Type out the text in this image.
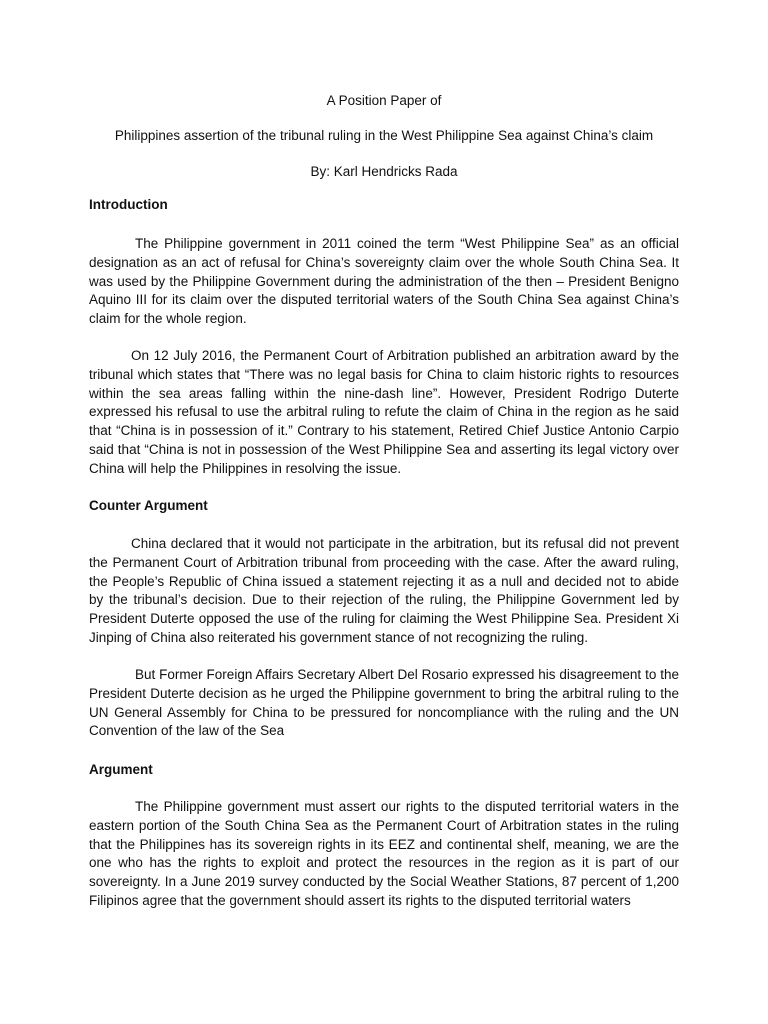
A Position Paper of

Philippines assertion of the tribunal ruling in the West Philippine Sea against China’s claim

By: Karl Hendricks Rada

Introduction

The Philippine government in 2011 coined the term “West Philippine Sea” as an official designation as an act of refusal for China’s sovereignty claim over the whole South China Sea. It was used by the Philippine Government during the administration of the then – President Benigno Aquino III for its claim over the disputed territorial waters of the South China Sea against China’s claim for the whole region.

On 12 July 2016, the Permanent Court of Arbitration published an arbitration award by the tribunal which states that “There was no legal basis for China to claim historic rights to resources within the sea areas falling within the nine-dash line”. However, President Rodrigo Duterte expressed his refusal to use the arbitral ruling to refute the claim of China in the region as he said that “China is in possession of it.” Contrary to his statement, Retired Chief Justice Antonio Carpio said that “China is not in possession of the West Philippine Sea and asserting its legal victory over China will help the Philippines in resolving the issue.

Counter Argument

China declared that it would not participate in the arbitration, but its refusal did not prevent the Permanent Court of Arbitration tribunal from proceeding with the case. After the award ruling, the People’s Republic of China issued a statement rejecting it as a null and decided not to abide by the tribunal’s decision. Due to their rejection of the ruling, the Philippine Government led by President Duterte opposed the use of the ruling for claiming the West Philippine Sea. President Xi Jinping of China also reiterated his government stance of not recognizing the ruling.

But Former Foreign Affairs Secretary Albert Del Rosario expressed his disagreement to the President Duterte decision as he urged the Philippine government to bring the arbitral ruling to the UN General Assembly for China to be pressured for noncompliance with the ruling and the UN Convention of the law of the Sea

Argument

The Philippine government must assert our rights to the disputed territorial waters in the eastern portion of the South China Sea as the Permanent Court of Arbitration states in the ruling that the Philippines has its sovereign rights in its EEZ and continental shelf, meaning, we are the one who has the rights to exploit and protect the resources in the region as it is part of our sovereignty. In a June 2019 survey conducted by the Social Weather Stations, 87 percent of 1,200 Filipinos agree that the government should assert its rights to the disputed territorial waters
